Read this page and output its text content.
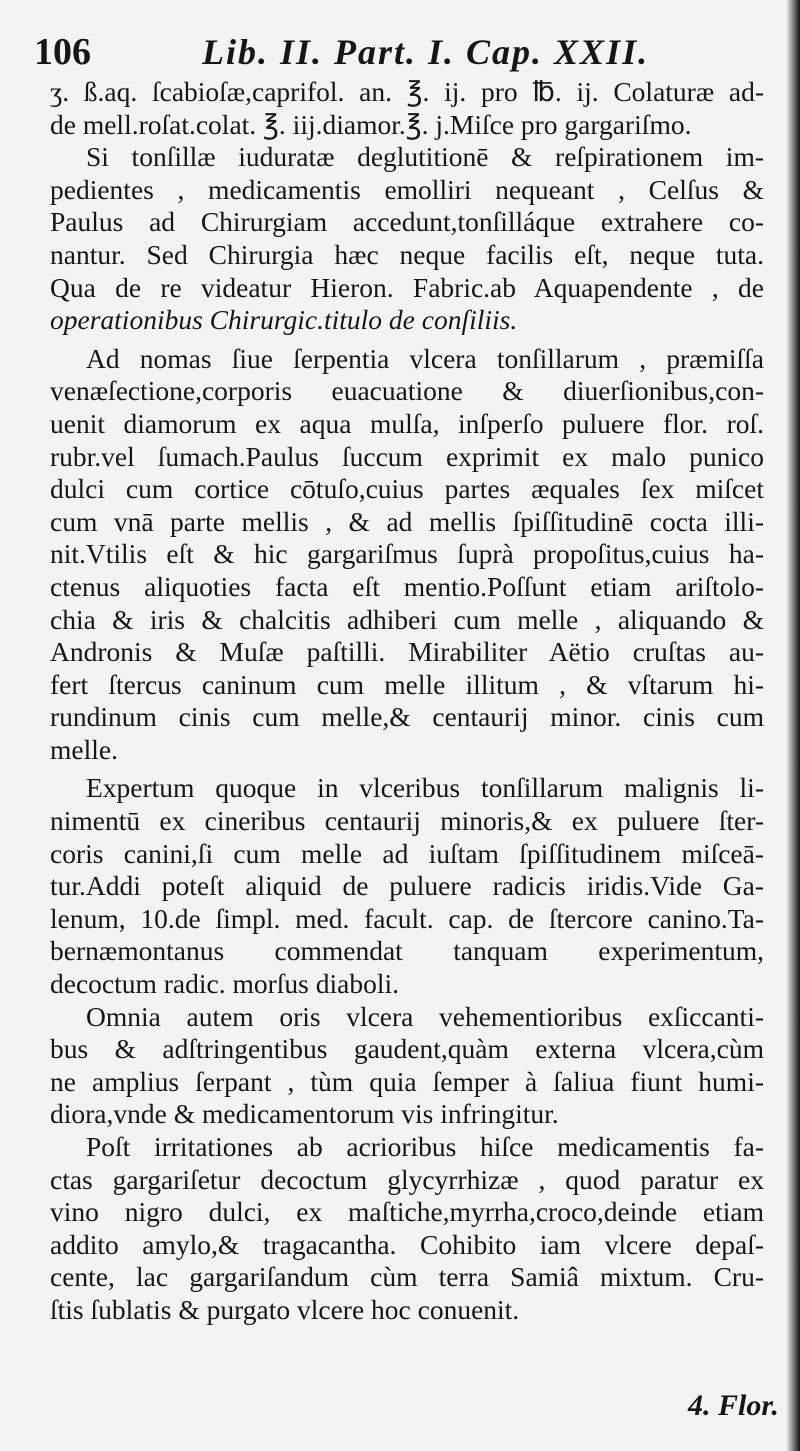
106	Lib. II. Part. I. Cap. XXII.
ʒ. ß.aq. ſcabioſæ,caprifol. an. ℥. ij. pro ℔. ij. Colaturæ ad-
de mell.roſat.colat. ℥. iij.diamor.℥. j.Miſce pro gargariſmo.
Si tonſillæ iuduratæ deglutitionē & reſpirationem im-
pedientes , medicamentis emolliri nequeant , Celſus &
Paulus ad Chirurgiam accedunt,tonſilláque extrahere co-
nantur. Sed Chirurgia hæc neque facilis eſt, neque tuta.
Qua de re videatur Hieron. Fabric.ab Aquapendente , de
operationibus Chirurgic.titulo de conſiliis.
Ad nomas ſiue ſerpentia vlcera tonſillarum , præmiſſa
venæſectione,corporis euacuatione & diuerſionibus,con-
uenit diamorum ex aqua mulſa, inſperſo puluere flor. roſ.
rubr.vel ſumach.Paulus ſuccum exprimit ex malo punico
dulci cum cortice cōtuſo,cuius partes æquales ſex miſcet
cum vnā parte mellis , & ad mellis ſpiſſitudinē cocta illi-
nit.Vtilis eſt & hic gargariſmus ſuprà propoſitus,cuius ha-
ctenus aliquoties facta eſt mentio.Poſſunt etiam ariſtolo-
chia & iris & chalcitis adhiberi cum melle , aliquando &
Andronis & Muſæ paſtilli. Mirabiliter Aëtio cruſtas au-
fert ſtercus caninum cum melle illitum , & vſtarum hi-
rundinum cinis cum melle,& centaurij minor. cinis cum
melle.
Expertum quoque in vlceribus tonſillarum malignis li-
nimentū ex cineribus centaurij minoris,& ex puluere ſter-
coris canini,ſi cum melle ad iuſtam ſpiſſitudinem miſceā-
tur.Addi poteſt aliquid de puluere radicis iridis.Vide Ga-
lenum, 10.de ſimpl. med. facult. cap. de ſtercore canino.Ta-
bernæmontanus commendat tanquam experimentum,
decoctum radic. morſus diaboli.
Omnia autem oris vlcera vehementioribus exſiccanti-
bus & adſtringentibus gaudent,quàm externa vlcera,cùm
ne amplius ſerpant , tùm quia ſemper à ſaliua fiunt humi-
diora,vnde & medicamentorum vis infringitur.
Poſt irritationes ab acrioribus hiſce medicamentis fa-
ctas gargariſetur decoctum glycyrrhizæ , quod paratur ex
vino nigro dulci, ex maſtiche,myrrha,croco,deinde etiam
addito amylo,& tragacantha. Cohibito iam vlcere depaſ-
cente, lac gargariſandum cùm terra Samiâ mixtum. Cru-
ſtis ſublatis & purgato vlcere hoc conuenit.
4. Flor.
